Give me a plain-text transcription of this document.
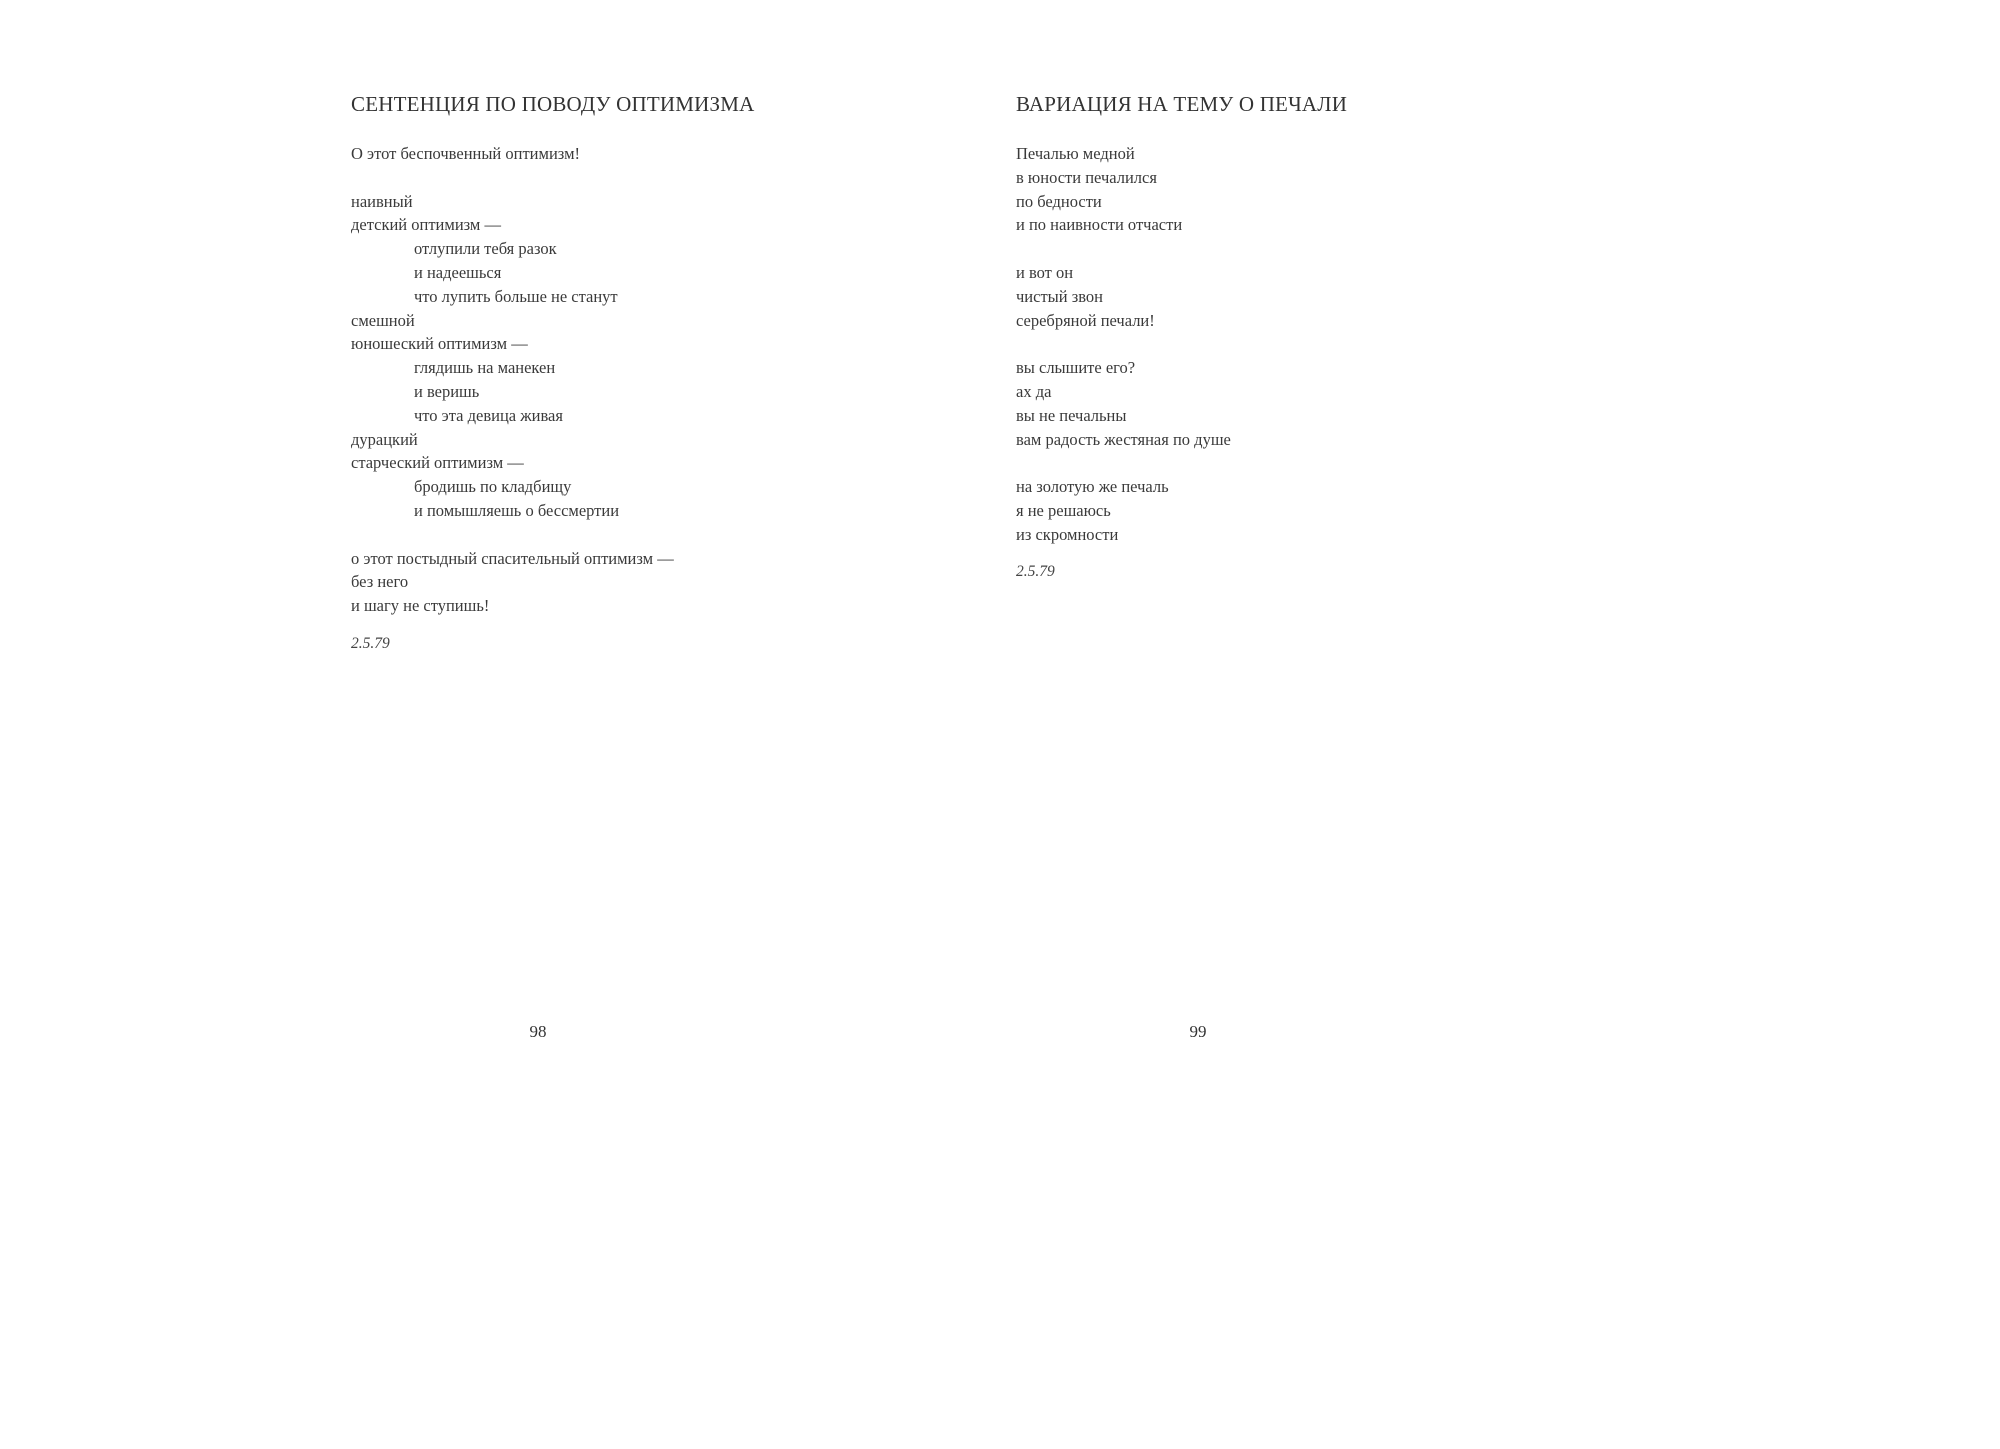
СЕНТЕНЦИЯ ПО ПОВОДУ ОПТИМИЗМА
О этот беспочвенный оптимизм!
наивный
детский оптимизм —
отлупили тебя разок
и надеешься
что лупить больше не станут
смешной
юношеский оптимизм —
глядишь на манекен
и веришь
что эта девица живая
дурацкий
старческий оптимизм —
бродишь по кладбищу
и помышляешь о бессмертии
о этот постыдный спасительный оптимизм —
без него
и шагу не ступишь!
2.5.79
98
ВАРИАЦИЯ НА ТЕМУ О ПЕЧАЛИ
Печалью медной
в юности печалился
по бедности
и по наивности отчасти
и вот он
чистый звон
серебряной печали!
вы слышите его?
ах да
вы не печальны
вам радость жестяная по душе
на золотую же печаль
я не решаюсь
из скромности
2.5.79
99
